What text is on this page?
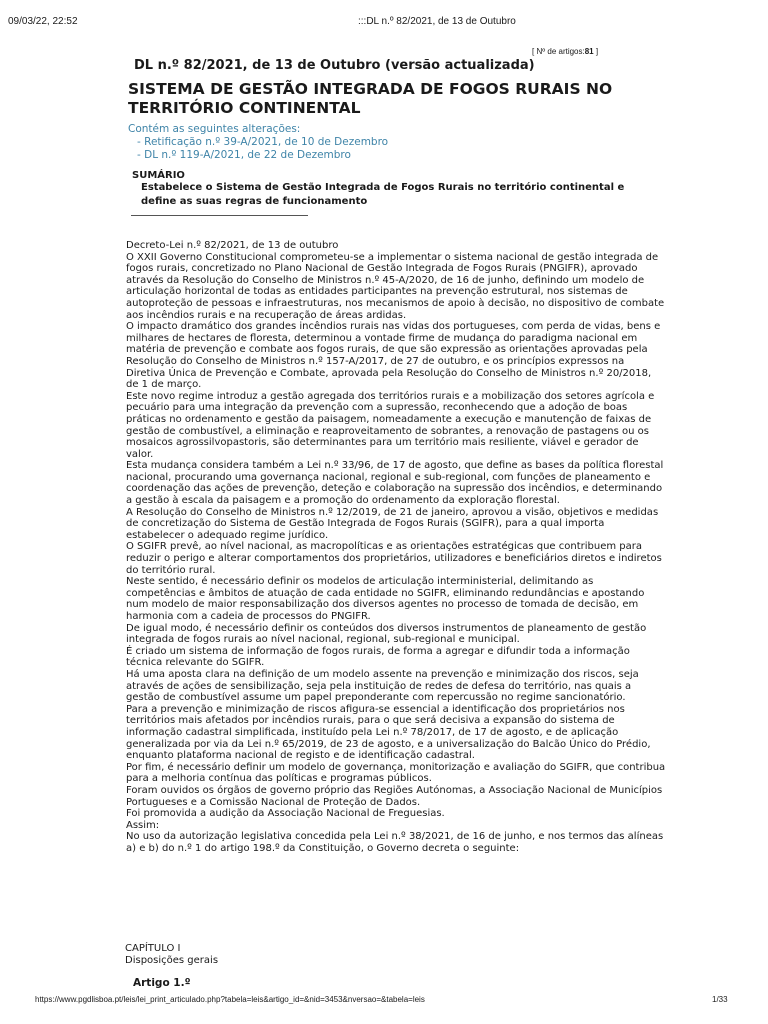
09/03/22, 22:52	:::DL n.º 82/2021, de 13 de Outubro
[ Nº de artigos:81 ]
DL n.º 82/2021, de 13 de Outubro (versão actualizada)
SISTEMA DE GESTÃO INTEGRADA DE FOGOS RURAIS NO
TERRITÓRIO CONTINENTAL
Contém as seguintes alterações:
- Retificação n.º 39-A/2021, de 10 de Dezembro
- DL n.º 119-A/2021, de 22 de Dezembro
SUMÁRIO
Estabelece o Sistema de Gestão Integrada de Fogos Rurais no território continental e define as suas regras de funcionamento

Decreto-Lei n.º 82/2021, de 13 de outubro

O XXII Governo Constitucional comprometeu-se a implementar o sistema nacional de gestão integrada de fogos rurais, concretizado no Plano Nacional de Gestão Integrada de Fogos Rurais (PNGIFR), aprovado através da Resolução do Conselho de Ministros n.º 45-A/2020, de 16 de junho, definindo um modelo de articulação horizontal de todas as entidades participantes na prevenção estrutural, nos sistemas de autoproteção de pessoas e infraestruturas, nos mecanismos de apoio à decisão, no dispositivo de combate aos incêndios rurais e na recuperação de áreas ardidas.

O impacto dramático dos grandes incêndios rurais nas vidas dos portugueses, com perda de vidas, bens e milhares de hectares de floresta, determinou a vontade firme de mudança do paradigma nacional em matéria de prevenção e combate aos fogos rurais, de que são expressão as orientações aprovadas pela Resolução do Conselho de Ministros n.º 157-A/2017, de 27 de outubro, e os princípios expressos na Diretiva Única de Prevenção e Combate, aprovada pela Resolução do Conselho de Ministros n.º 20/2018, de 1 de março.

Este novo regime introduz a gestão agregada dos territórios rurais e a mobilização dos setores agrícola e pecuário para uma integração da prevenção com a supressão, reconhecendo que a adoção de boas práticas no ordenamento e gestão da paisagem, nomeadamente a execução e manutenção de faixas de gestão de combustível, a eliminação e reaproveitamento de sobrantes, a renovação de pastagens ou os mosaicos agrossilvopastoris, são determinantes para um território mais resiliente, viável e gerador de valor.

Esta mudança considera também a Lei n.º 33/96, de 17 de agosto, que define as bases da política florestal nacional, procurando uma governança nacional, regional e sub-regional, com funções de planeamento e coordenação das ações de prevenção, deteção e colaboração na supressão dos incêndios, e determinando a gestão à escala da paisagem e a promoção do ordenamento da exploração florestal.

A Resolução do Conselho de Ministros n.º 12/2019, de 21 de janeiro, aprovou a visão, objetivos e medidas de concretização do Sistema de Gestão Integrada de Fogos Rurais (SGIFR), para a qual importa estabelecer o adequado regime jurídico.

O SGIFR prevê, ao nível nacional, as macropolíticas e as orientações estratégicas que contribuem para reduzir o perigo e alterar comportamentos dos proprietários, utilizadores e beneficiários diretos e indiretos do território rural.

Neste sentido, é necessário definir os modelos de articulação interministerial, delimitando as competências e âmbitos de atuação de cada entidade no SGIFR, eliminando redundâncias e apostando num modelo de maior responsabilização dos diversos agentes no processo de tomada de decisão, em harmonia com a cadeia de processos do PNGIFR.

De igual modo, é necessário definir os conteúdos dos diversos instrumentos de planeamento de gestão integrada de fogos rurais ao nível nacional, regional, sub-regional e municipal.

É criado um sistema de informação de fogos rurais, de forma a agregar e difundir toda a informação técnica relevante do SGIFR.

Há uma aposta clara na definição de um modelo assente na prevenção e minimização dos riscos, seja através de ações de sensibilização, seja pela instituição de redes de defesa do território, nas quais a gestão de combustível assume um papel preponderante com repercussão no regime sancionatório.

Para a prevenção e minimização de riscos afigura-se essencial a identificação dos proprietários nos territórios mais afetados por incêndios rurais, para o que será decisiva a expansão do sistema de informação cadastral simplificada, instituído pela Lei n.º 78/2017, de 17 de agosto, e de aplicação generalizada por via da Lei n.º 65/2019, de 23 de agosto, e a universalização do Balcão Único do Prédio, enquanto plataforma nacional de registo e de identificação cadastral.

Por fim, é necessário definir um modelo de governança, monitorização e avaliação do SGIFR, que contribua para a melhoria contínua das políticas e programas públicos.

Foram ouvidos os órgãos de governo próprio das Regiões Autónomas, a Associação Nacional de Municípios Portugueses e a Comissão Nacional de Proteção de Dados.

Foi promovida a audição da Associação Nacional de Freguesias.

Assim:

No uso da autorização legislativa concedida pela Lei n.º 38/2021, de 16 de junho, e nos termos das alíneas a) e b) do n.º 1 do artigo 198.º da Constituição, o Governo decreta o seguinte:

CAPÍTULO I
Disposições gerais
Artigo 1.º
https://www.pgdlisboa.pt/leis/lei_print_articulado.php?tabela=leis&artigo_id=&nid=3453&nversao=&tabela=leis	1/33
